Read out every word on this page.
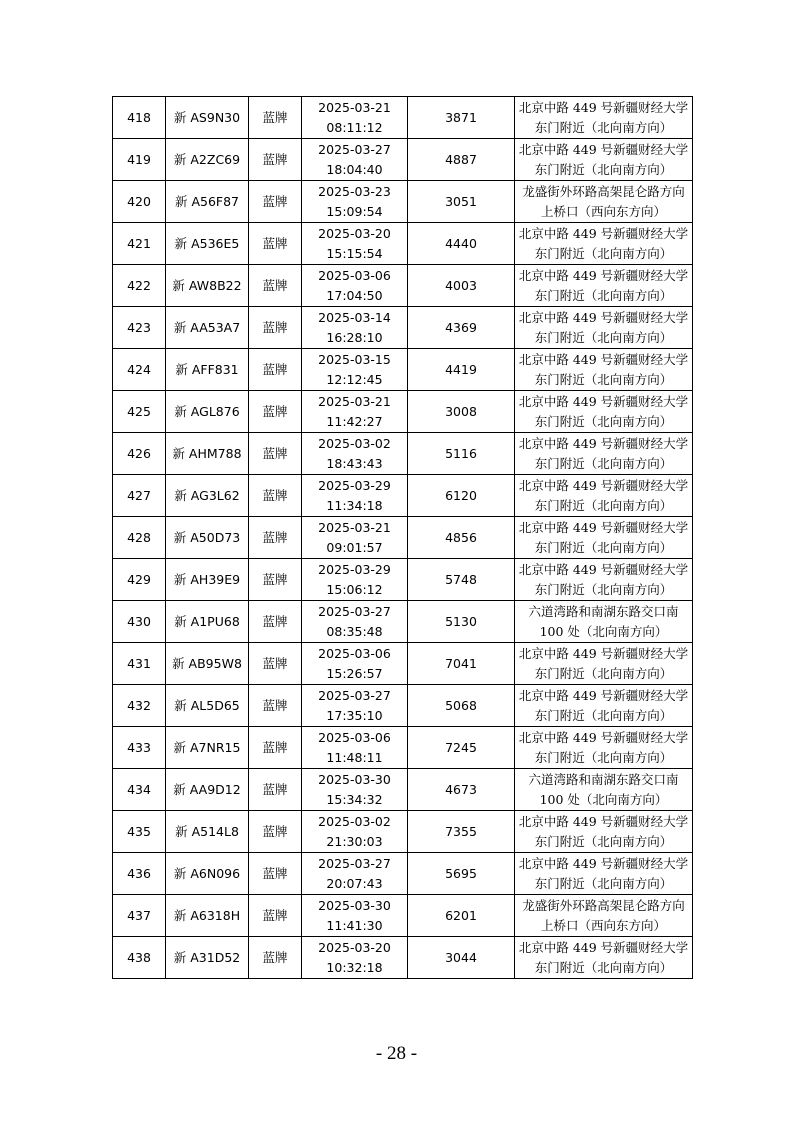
418	新 AS9N30	蓝牌	2025-03-21
08:11:12	3871	北京中路 449 号新疆财经大学
东门附近（北向南方向）

419	新 A2ZC69	蓝牌	2025-03-27
18:04:40	4887	北京中路 449 号新疆财经大学
东门附近（北向南方向）

420	新 A56F87	蓝牌	2025-03-23
15:09:54	3051	龙盛街外环路高架昆仑路方向
上桥口（西向东方向）

421	新 A536E5	蓝牌	2025-03-20
15:15:54	4440	北京中路 449 号新疆财经大学
东门附近（北向南方向）

422	新 AW8B22	蓝牌	2025-03-06
17:04:50	4003	北京中路 449 号新疆财经大学
东门附近（北向南方向）

423	新 AA53A7	蓝牌	2025-03-14
16:28:10	4369	北京中路 449 号新疆财经大学
东门附近（北向南方向）

424	新 AFF831	蓝牌	2025-03-15
12:12:45	4419	北京中路 449 号新疆财经大学
东门附近（北向南方向）

425	新 AGL876	蓝牌	2025-03-21
11:42:27	3008	北京中路 449 号新疆财经大学
东门附近（北向南方向）

426	新 AHM788	蓝牌	2025-03-02
18:43:43	5116	北京中路 449 号新疆财经大学
东门附近（北向南方向）

427	新 AG3L62	蓝牌	2025-03-29
11:34:18	6120	北京中路 449 号新疆财经大学
东门附近（北向南方向）

428	新 A50D73	蓝牌	2025-03-21
09:01:57	4856	北京中路 449 号新疆财经大学
东门附近（北向南方向）

429	新 AH39E9	蓝牌	2025-03-29
15:06:12	5748	北京中路 449 号新疆财经大学
东门附近（北向南方向）

430	新 A1PU68	蓝牌	2025-03-27
08:35:48	5130	六道湾路和南湖东路交口南
100 处（北向南方向）

431	新 AB95W8	蓝牌	2025-03-06
15:26:57	7041	北京中路 449 号新疆财经大学
东门附近（北向南方向）

432	新 AL5D65	蓝牌	2025-03-27
17:35:10	5068	北京中路 449 号新疆财经大学
东门附近（北向南方向）

433	新 A7NR15	蓝牌	2025-03-06
11:48:11	7245	北京中路 449 号新疆财经大学
东门附近（北向南方向）

434	新 AA9D12	蓝牌	2025-03-30
15:34:32	4673	六道湾路和南湖东路交口南
100 处（北向南方向）

435	新 A514L8	蓝牌	2025-03-02
21:30:03	7355	北京中路 449 号新疆财经大学
东门附近（北向南方向）

436	新 A6N096	蓝牌	2025-03-27
20:07:43	5695	北京中路 449 号新疆财经大学
东门附近（北向南方向）

437	新 A6318H	蓝牌	2025-03-30
11:41:30	6201	龙盛街外环路高架昆仑路方向
上桥口（西向东方向）

438	新 A31D52	蓝牌	2025-03-20
10:32:18	3044	北京中路 449 号新疆财经大学
东门附近（北向南方向）
- 28 -
